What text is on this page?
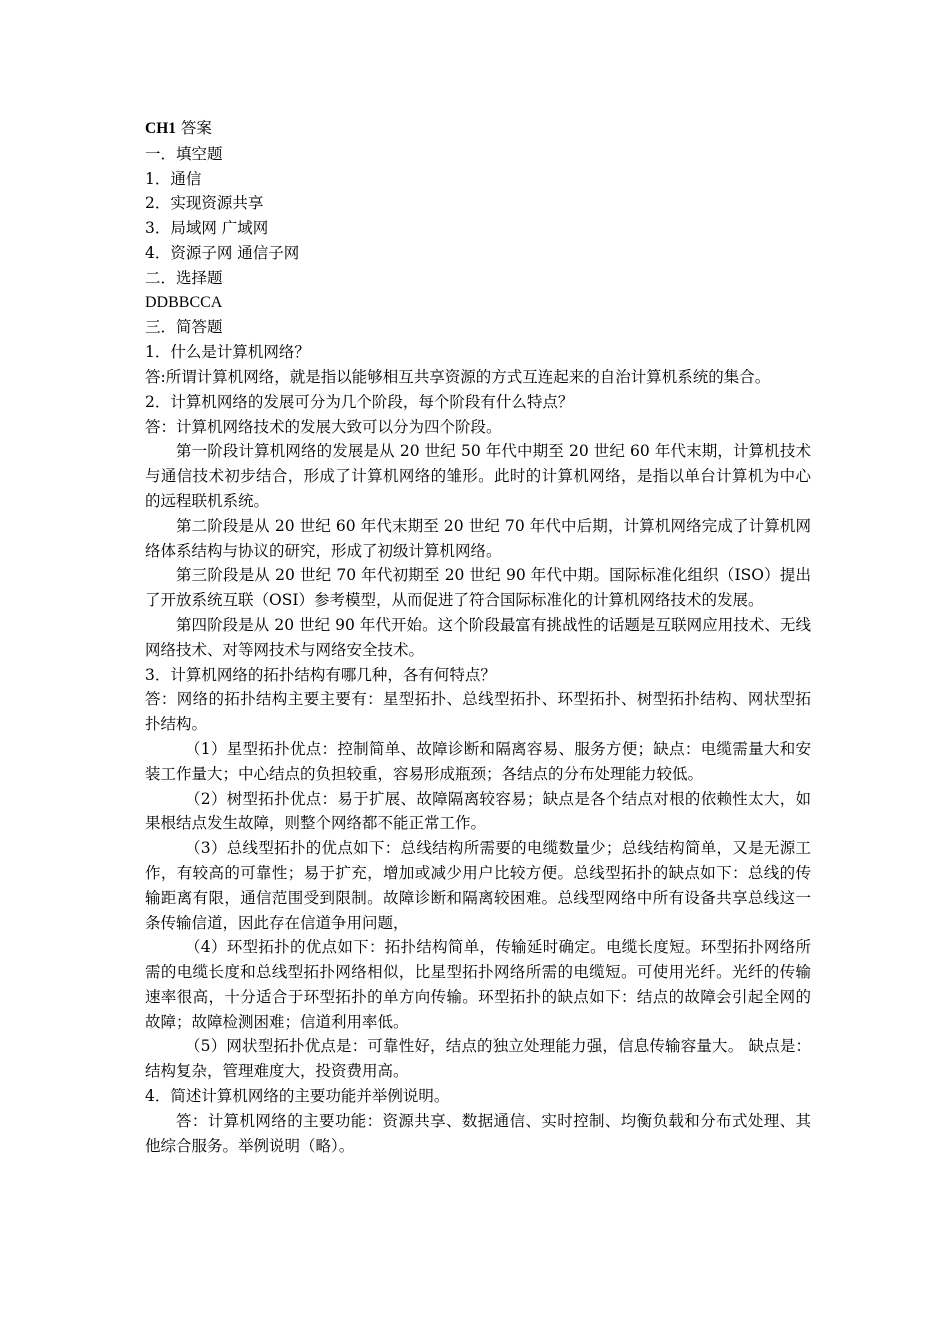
CH1 答案
一．填空题
1．通信
2．实现资源共享
3．局域网 广域网
4．资源子网 通信子网
二．选择题
DDBBCCA
三．简答题
1．什么是计算机网络？
答:所谓计算机网络，就是指以能够相互共享资源的方式互连起来的自治计算机系统的集合。
2．计算机网络的发展可分为几个阶段，每个阶段有什么特点？
答：计算机网络技术的发展大致可以分为四个阶段。
第一阶段计算机网络的发展是从 20 世纪 50 年代中期至 20 世纪 60 年代末期，计算机技术与通信技术初步结合，形成了计算机网络的雏形。此时的计算机网络，是指以单台计算机为中心的远程联机系统。
第二阶段是从 20 世纪 60 年代末期至 20 世纪 70 年代中后期，计算机网络完成了计算机网络体系结构与协议的研究，形成了初级计算机网络。
第三阶段是从 20 世纪 70 年代初期至 20 世纪 90 年代中期。国际标准化组织（ISO）提出了开放系统互联（OSI）参考模型，从而促进了符合国际标准化的计算机网络技术的发展。
第四阶段是从 20 世纪 90 年代开始。这个阶段最富有挑战性的话题是互联网应用技术、无线网络技术、对等网技术与网络安全技术。
3．计算机网络的拓扑结构有哪几种，各有何特点？
答：网络的拓扑结构主要主要有：星型拓扑、总线型拓扑、环型拓扑、树型拓扑结构、网状型拓扑结构。
（1）星型拓扑优点：控制简单、故障诊断和隔离容易、服务方便；缺点：电缆需量大和安装工作量大；中心结点的负担较重，容易形成瓶颈；各结点的分布处理能力较低。
（2）树型拓扑优点：易于扩展、故障隔离较容易；缺点是各个结点对根的依赖性太大，如果根结点发生故障，则整个网络都不能正常工作。
（3）总线型拓扑的优点如下：总线结构所需要的电缆数量少；总线结构简单，又是无源工作，有较高的可靠性；易于扩充，增加或减少用户比较方便。总线型拓扑的缺点如下：总线的传输距离有限，通信范围受到限制。故障诊断和隔离较困难。总线型网络中所有设备共享总线这一条传输信道，因此存在信道争用问题，
（4）环型拓扑的优点如下：拓扑结构简单，传输延时确定。电缆长度短。环型拓扑网络所需的电缆长度和总线型拓扑网络相似，比星型拓扑网络所需的电缆短。可使用光纤。光纤的传输速率很高，十分适合于环型拓扑的单方向传输。环型拓扑的缺点如下：结点的故障会引起全网的故障；故障检测困难；信道利用率低。
（5）网状型拓扑优点是：可靠性好，结点的独立处理能力强，信息传输容量大。 缺点是：结构复杂，管理难度大，投资费用高。
4．简述计算机网络的主要功能并举例说明。
答：计算机网络的主要功能：资源共享、数据通信、实时控制、均衡负载和分布式处理、其他综合服务。举例说明（略）。
